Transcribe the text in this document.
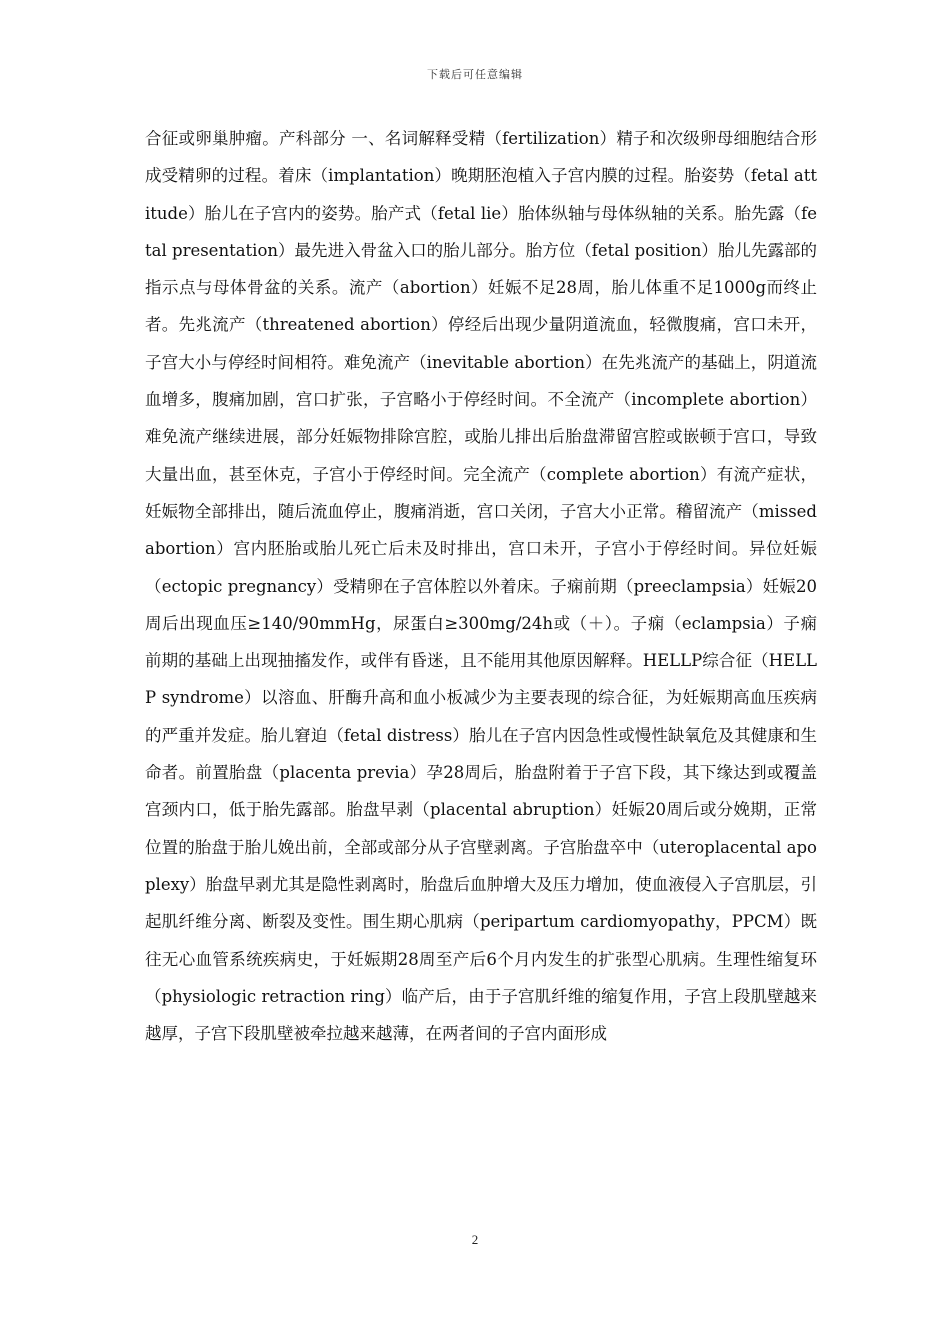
下载后可任意编辑

合征或卵巢肿瘤。产科部分 一、名词解释受精（fertilization）精子和次级卵母细胞结合形成受精卵的过程。着床（implantation）晚期胚泡植入子宫内膜的过程。胎姿势（fetal attitude）胎儿在子宫内的姿势。胎产式（fetal lie）胎体纵轴与母体纵轴的关系。胎先露（fetal presentation）最先进入骨盆入口的胎儿部分。胎方位（fetal position）胎儿先露部的指示点与母体骨盆的关系。流产（abortion）妊娠不足28周，胎儿体重不足1000g而终止者。先兆流产（threatened abortion）停经后出现少量阴道流血，轻微腹痛，宫口未开，子宫大小与停经时间相符。难免流产（inevitable abortion）在先兆流产的基础上，阴道流血增多，腹痛加剧，宫口扩张，子宫略小于停经时间。不全流产（incomplete abortion）难免流产继续进展，部分妊娠物排除宫腔，或胎儿排出后胎盘滞留宫腔或嵌顿于宫口，导致大量出血，甚至休克，子宫小于停经时间。完全流产（complete abortion）有流产症状，妊娠物全部排出，随后流血停止，腹痛消逝，宫口关闭，子宫大小正常。稽留流产（missed abortion）宫内胚胎或胎儿死亡后未及时排出，宫口未开，子宫小于停经时间。异位妊娠（ectopic pregnancy）受精卵在子宫体腔以外着床。子痫前期（preeclampsia）妊娠20周后出现血压≥140/90mmHg，尿蛋白≥300mg/24h或（＋）。子痫（eclampsia）子痫前期的基础上出现抽搐发作，或伴有昏迷，且不能用其他原因解释。HELLP综合征（HELLP syndrome）以溶血、肝酶升高和血小板减少为主要表现的综合征，为妊娠期高血压疾病的严重并发症。胎儿窘迫（fetal distress）胎儿在子宫内因急性或慢性缺氧危及其健康和生命者。前置胎盘（placenta previa）孕28周后，胎盘附着于子宫下段，其下缘达到或覆盖宫颈内口，低于胎先露部。胎盘早剥（placental abruption）妊娠20周后或分娩期，正常位置的胎盘于胎儿娩出前，全部或部分从子宫壁剥离。子宫胎盘卒中（uteroplacental apoplexy）胎盘早剥尤其是隐性剥离时，胎盘后血肿增大及压力增加，使血液侵入子宫肌层，引起肌纤维分离、断裂及变性。围生期心肌病（peripartum cardiomyopathy，PPCM）既往无心血管系统疾病史，于妊娠期28周至产后6个月内发生的扩张型心肌病。生理性缩复环（physiologic retraction ring）临产后，由于子宫肌纤维的缩复作用，子宫上段肌壁越来越厚，子宫下段肌壁被牵拉越来越薄，在两者间的子宫内面形成

2
